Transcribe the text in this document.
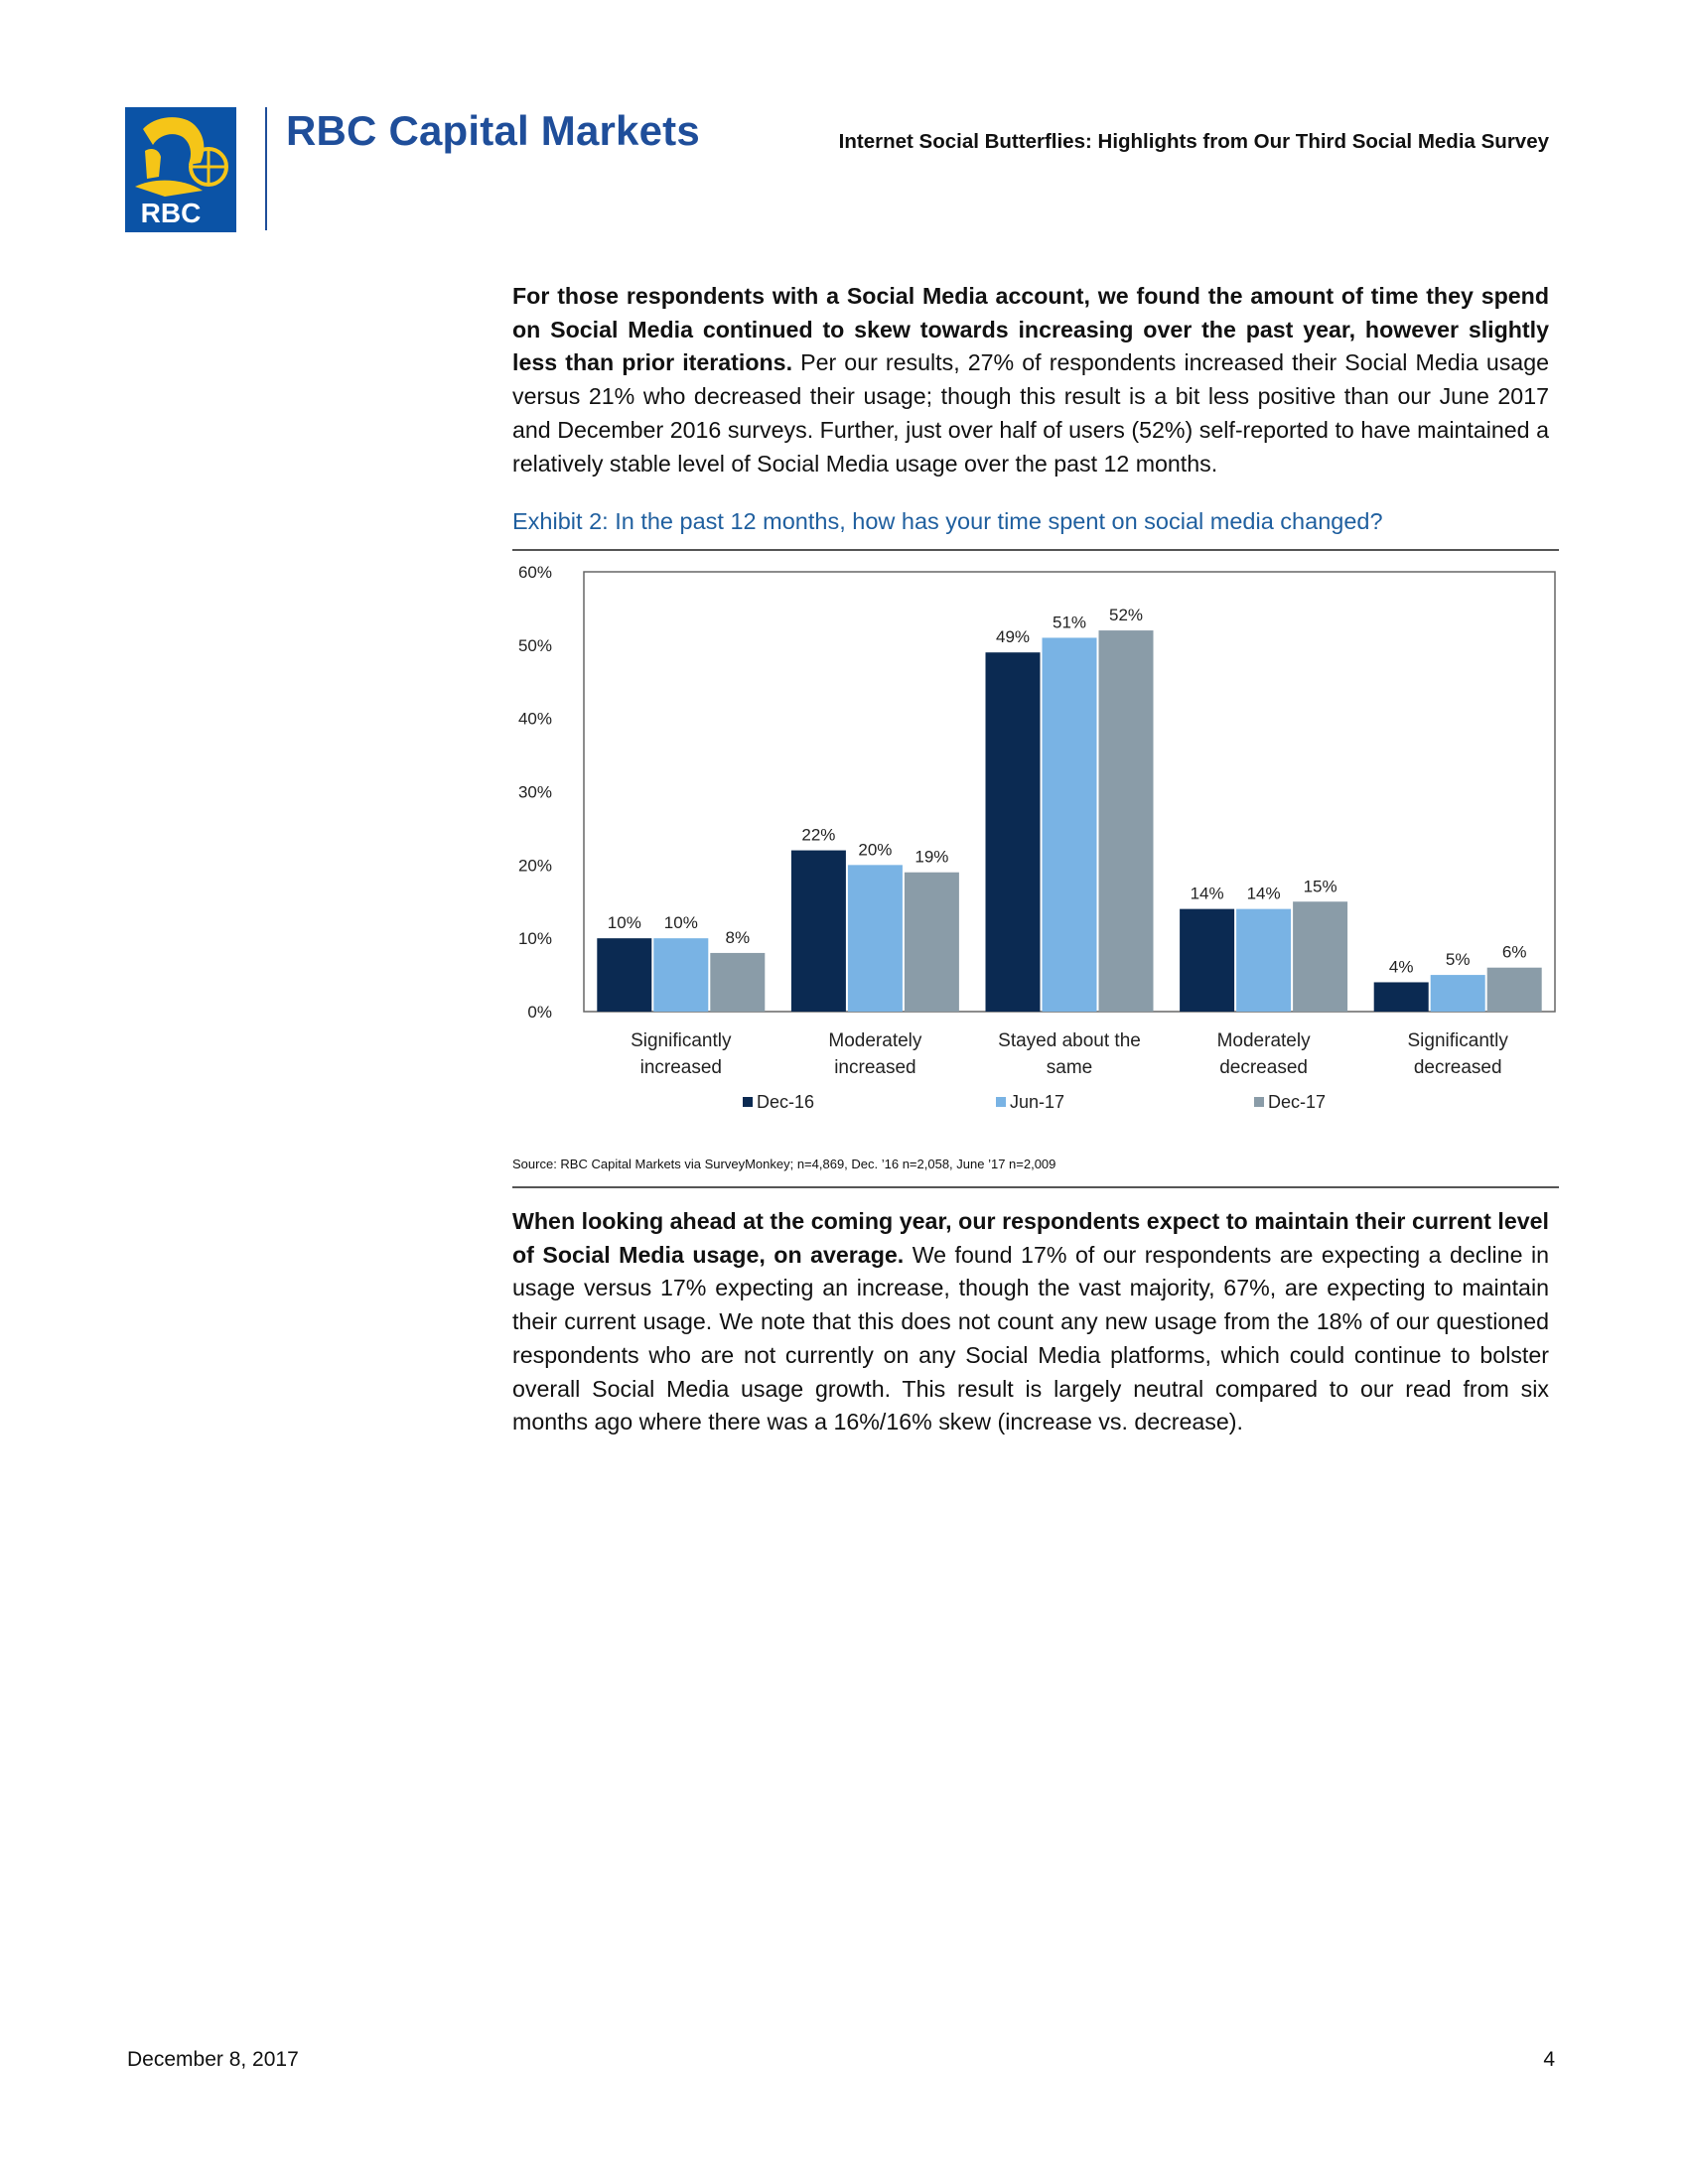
RBC
RBC Capital Markets	Internet Social Butterflies: Highlights from Our Third Social Media Survey

For those respondents with a Social Media account, we found the amount of time they spend on Social Media continued to skew towards increasing over the past year, however slightly less than prior iterations. Per our results, 27% of respondents increased their Social Media usage versus 21% who decreased their usage; though this result is a bit less positive than our June 2017 and December 2016 surveys. Further, just over half of users (52%) self-reported to have maintained a relatively stable level of Social Media usage over the past 12 months.

Exhibit 2: In the past 12 months, how has your time spent on social media changed?
0%
10%
20%
30%
40%
50%
60%
10% 10%
8%
Significantly
increased
22%
20% 19%
Moderately
increased
49%
51% 52%
Stayed about the
same
14% 14% 15%
Moderately
decreased
4% 5% 6%
Significantly
decreased
Dec-16	Jun-17	Dec-17
Source: RBC Capital Markets via SurveyMonkey; n=4,869, Dec. ’16 n=2,058, June ’17 n=2,009

When looking ahead at the coming year, our respondents expect to maintain their current level of Social Media usage, on average. We found 17% of our respondents are expecting a decline in usage versus 17% expecting an increase, though the vast majority, 67%, are expecting to maintain their current usage. We note that this does not count any new usage from the 18% of our questioned respondents who are not currently on any Social Media platforms, which could continue to bolster overall Social Media usage growth. This result is largely neutral compared to our read from six months ago where there was a 16%/16% skew (increase vs. decrease).

December 8, 2017	4
